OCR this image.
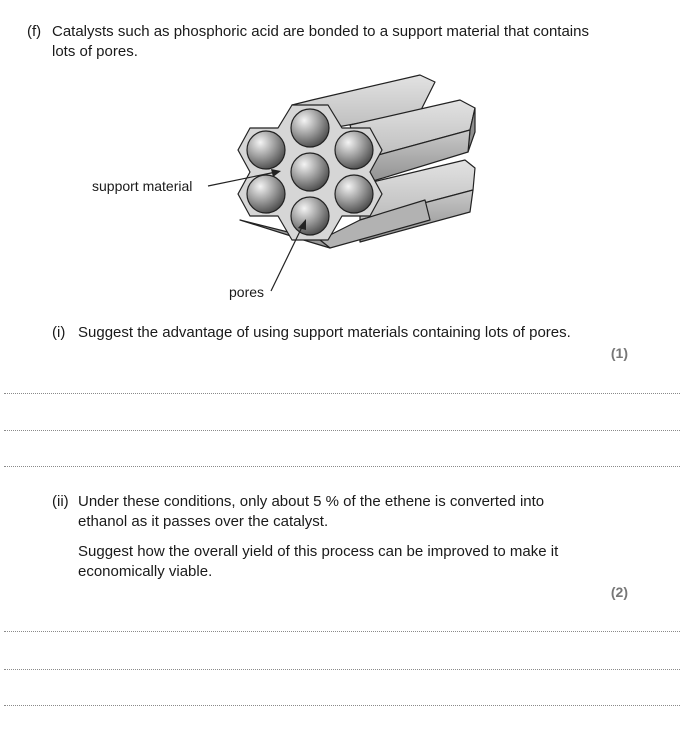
(f) Catalysts such as phosphoric acid are bonded to a support material that contains lots of pores.
support material
pores
(i) Suggest the advantage of using support materials containing lots of pores.
(1)
(ii) Under these conditions, only about 5 % of the ethene is converted into ethanol as it passes over the catalyst.
Suggest how the overall yield of this process can be improved to make it economically viable.
(2)
